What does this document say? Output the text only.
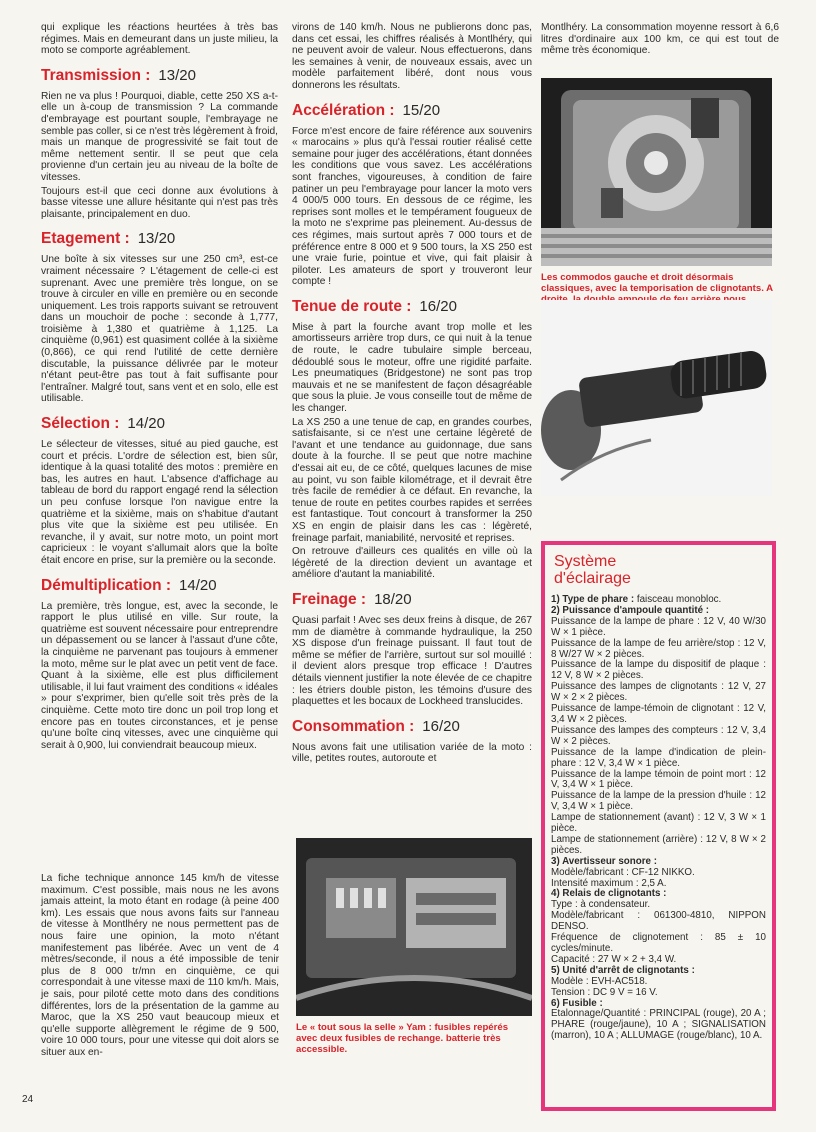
qui explique les réactions heurtées à très bas régimes. Mais en demeurant dans un juste milieu, la moto se comporte agréablement.

Transmission : 13/20

Rien ne va plus ! Pourquoi, diable, cette 250 XS a-t-elle un à-coup de transmission ? La commande d'embrayage est pourtant souple, l'embrayage ne semble pas coller, si ce n'est très légèrement à froid, mais un manque de progressivité se fait tout de même nettement sentir. Il se peut que cela provienne d'un certain jeu au niveau de la boîte de vitesses.

Toujours est-il que ceci donne aux évolutions à basse vitesse une allure hésitante qui n'est pas très plaisante, principalement en duo.

Etagement : 13/20

Une boîte à six vitesses sur une 250 cm³, est-ce vraiment nécessaire ? L'étagement de celle-ci est suprenant. Avec une première très longue, on se trouve à circuler en ville en première ou en seconde uniquement. Les trois rapports suivant se retrouvent dans un mouchoir de poche : seconde à 1,777, troisième à 1,380 et quatrième à 1,125. La cinquième (0,961) est quasiment collée à la sixième (0,866), ce qui rend l'utilité de cette dernière discutable, la puissance délivrée par le moteur n'étant peut-être pas tout à fait suffisante pour l'entraîner. Malgré tout, sans vent et en solo, elle est utilisable.

Sélection : 14/20

Le sélecteur de vitesses, situé au pied gauche, est court et précis. L'ordre de sélection est, bien sûr, identique à la quasi totalité des motos : première en bas, les autres en haut. L'absence d'affichage au tableau de bord du rapport engagé rend la sélection un peu confuse lorsque l'on navigue entre la quatrième et la sixième, mais on s'habitue d'autant plus vite que la sixième est peu utilisée. En revanche, il y avait, sur notre moto, un point mort capricieux : le voyant s'allumait alors que la boîte était encore en prise, sur la première ou la seconde.

Démultiplication : 14/20

La première, très longue, est, avec la seconde, le rapport le plus utilisé en ville. Sur route, la quatrième est souvent nécessaire pour entreprendre un dépassement ou se lancer à l'assaut d'une côte, la cinquième ne parvenant pas toujours à emmener la moto, même sur le plat avec un petit vent de face. Quant à la sixième, elle est plus difficilement utilisable, il lui faut vraiment des conditions « idéales » pour s'exprimer, bien qu'elle soit très près de la cinquième. Cette moto tire donc un poil trop long et encore pas en toutes circonstances, et je pense qu'une boîte cinq vitesses, avec une cinquième qui serait à 0,900, lui conviendrait beaucoup mieux.

La fiche technique annonce 145 km/h de vitesse maximum. C'est possible, mais nous ne les avons jamais atteint, la moto étant en rodage (à peine 400 km). Les essais que nous avons faits sur l'anneau de vitesse à Montlhéry ne nous permettent pas de nous faire une opinion, la moto n'étant manifestement pas libérée. Avec un vent de 4 mètres/seconde, il nous a été impossible de tenir plus de 8 000 tr/mn en cinquième, ce qui correspondait à une vitesse maxi de 110 km/h. Mais, je sais, pour piloté cette moto dans des conditions différentes, lors de la présentation de la gamme au Maroc, que la XS 250 vaut beaucoup mieux et qu'elle supporte allègrement le régime de 9 500, voire 10 000 tours, pour une vitesse qui doit alors se situer aux en-

virons de 140 km/h. Nous ne publierons donc pas, dans cet essai, les chiffres réalisés à Montlhéry, qui ne peuvent avoir de valeur. Nous effectuerons, dans les semaines à venir, de nouveaux essais, avec un modèle parfaitement libéré, dont nous vous donnerons les résultats.

Accélération : 15/20

Force m'est encore de faire référence aux souvenirs « marocains » plus qu'à l'essai routier réalisé cette semaine pour juger des accélérations, étant données les conditions que vous savez. Les accélérations sont franches, vigoureuses, à condition de faire patiner un peu l'embrayage pour lancer la moto vers 4 000/5 000 tours. En dessous de ce régime, les reprises sont molles et le tempérament fougueux de la moto ne s'exprime pas pleinement. Au-dessus de ces régimes, mais surtout après 7 000 tours et de préférence entre 8 000 et 9 500 tours, la XS 250 est une vraie furie, pointue et vive, qui fait plaisir à piloter. Les amateurs de sport y trouveront leur compte !

Tenue de route : 16/20

Mise à part la fourche avant trop molle et les amortisseurs arrière trop durs, ce qui nuit à la tenue de route, le cadre tubulaire simple berceau, dédoublé sous le moteur, offre une rigidité parfaite. Les pneumatiques (Bridgestone) ne sont pas trop mauvais et ne se manifestent de façon désagréable que sous la pluie. Je vous conseille tout de même de les changer.

La XS 250 a une tenue de cap, en grandes courbes, satisfaisante, si ce n'est une certaine légèreté de l'avant et une tendance au guidonnage, due sans doute à la fourche. Il se peut que notre machine d'essai ait eu, de ce côté, quelques lacunes de mise au point, vu son faible kilométrage, et il devrait être très facile de remédier à ce défaut. En revanche, la tenue de route en petites courbes rapides et serrées est fantastique. Tout concourt à transformer la 250 XS en engin de plaisir dans les cas : légèreté, freinage parfait, maniabilité, nervosité et reprises.

On retrouve d'ailleurs ces qualités en ville où la légèreté de la direction devient un avantage et améliore d'autant la maniabilité.

Freinage : 18/20

Quasi parfait ! Avec ses deux freins à disque, de 267 mm de diamètre à commande hydraulique, la 250 XS dispose d'un freinage puissant. Il faut tout de même se méfier de l'arrière, surtout sur sol mouillé : il devient alors presque trop efficace ! D'autres détails viennent justifier la note élevée de ce chapitre : les étriers double piston, les témoins d'usure des plaquettes et les bocaux de Lockheed translucides.

Consommation : 16/20

Nous avons fait une utilisation variée de la moto : ville, petites routes, autoroute et

Montlhéry. La consommation moyenne ressort à 6,6 litres d'ordinaire aux 100 km, ce qui est tout de même très économique.

Les commodos gauche et droit désormais classiques, avec la temporisation de clignotants. A
Le « tout sous la selle » Yam : fusibles repérés avec deux fusibles de rechange. batterie très accessible.
Système
d'éclairage

1) Type de phare : faisceau monobloc.

2) Puissance d'ampoule quantité :

Puissance de la lampe de phare : 12 V, 40 W/30 W × 1 pièce.

Puissance de la lampe de feu arrière/stop : 12 V, 8 W/27 W × 2 pièces.

Puissance de la lampe du dispositif de plaque : 12 V, 8 W × 2 pièces.

Puissance des lampes de clignotants : 12 V, 27 W × 2 × 2 pièces.

Puissance de lampe-témoin de clignotant : 12 V, 3,4 W × 2 pièces.

Puissance des lampes des compteurs : 12 V, 3,4 W × 2 pièces.

Puissance de la lampe d'indication de plein-phare : 12 V, 3,4 W × 1 pièce.

Puissance de la lampe témoin de point mort : 12 V, 3,4 W × 1 pièce.

Puissance de la lampe de la pression d'huile : 12 V, 3,4 W × 1 pièce.

Lampe de stationnement (avant) : 12 V, 3 W × 1 pièce.

Lampe de stationnement (arrière) : 12 V, 8 W × 2 pièces.

3) Avertisseur sonore :

Modèle/fabricant : CF-12 NIKKO.

Intensité maximum : 2,5 A.

4) Relais de clignotants :

Type : à condensateur.

Modèle/fabricant : 061300-4810, NIPPON DENSO.

Fréquence de clignotement : 85 ± 10 cycles/minute.

Capacité : 27 W × 2 + 3,4 W.

5) Unité d'arrêt de clignotants :

Modèle : EVH-AC518.

Tension : DC 9 V = 16 V.

6) Fusible :

Etalonnage/Quantité : PRINCIPAL (rouge), 20 A ; PHARE (rouge/jaune), 10 A ; SIGNALISATION (marron), 10 A ; ALLUMAGE (rouge/blanc), 10 A.

24
